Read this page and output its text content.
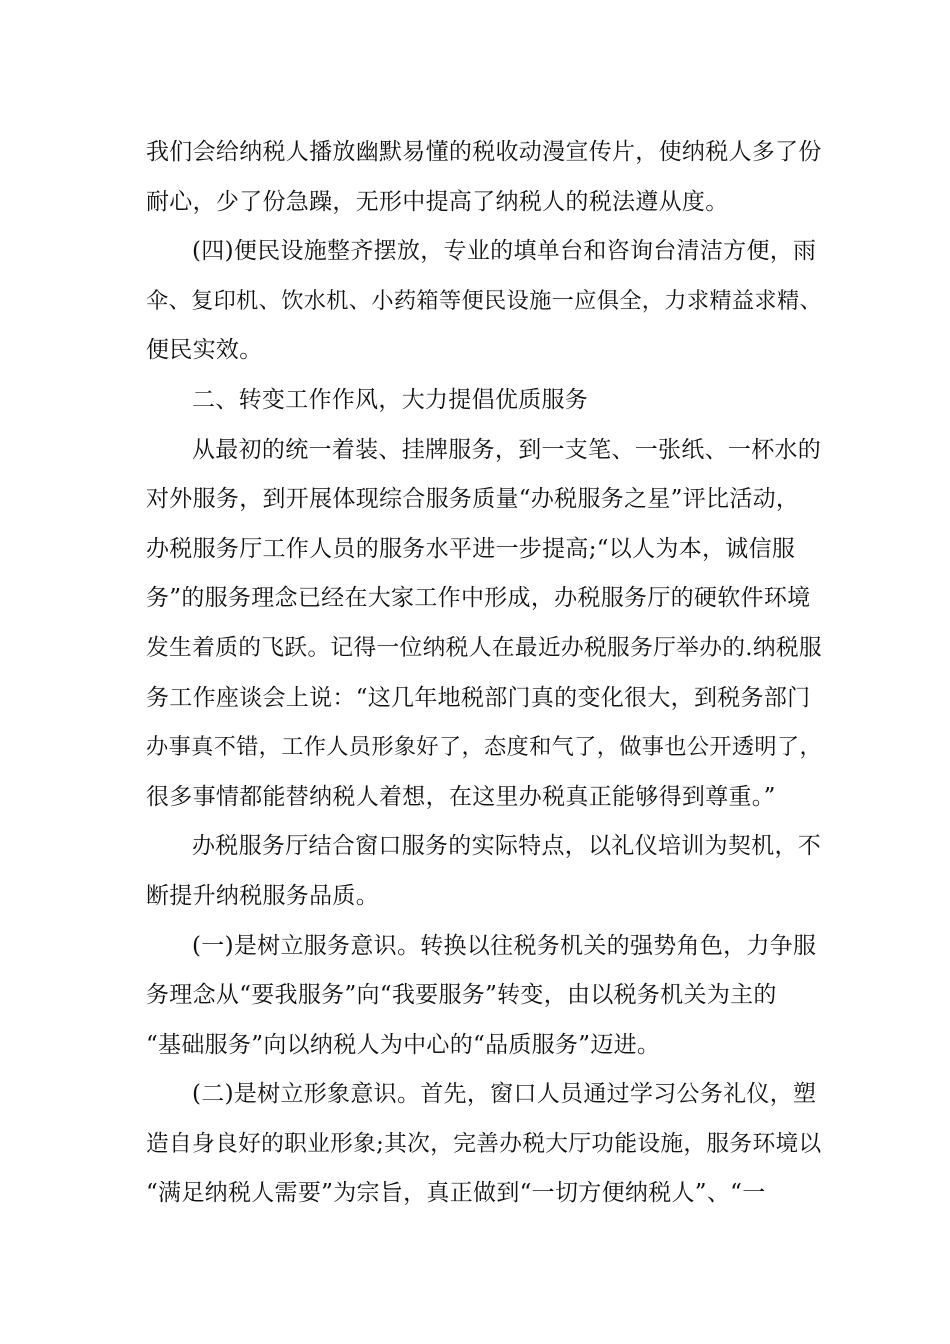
我们会给纳税人播放幽默易懂的税收动漫宣传片，使纳税人多了份
耐心，少了份急躁，无形中提高了纳税人的税法遵从度。
(四)便民设施整齐摆放，专业的填单台和咨询台清洁方便，雨
伞、复印机、饮水机、小药箱等便民设施一应俱全，力求精益求精、
便民实效。
二、转变工作作风，大力提倡优质服务
从最初的统一着装、挂牌服务，到一支笔、一张纸、一杯水的
对外服务，到开展体现综合服务质量“办税服务之星”评比活动，
办税服务厅工作人员的服务水平进一步提高;“以人为本，诚信服
务”的服务理念已经在大家工作中形成，办税服务厅的硬软件环境
发生着质的飞跃。记得一位纳税人在最近办税服务厅举办的.纳税服
务工作座谈会上说：“这几年地税部门真的变化很大，到税务部门
办事真不错，工作人员形象好了，态度和气了，做事也公开透明了，
很多事情都能替纳税人着想，在这里办税真正能够得到尊重。”
办税服务厅结合窗口服务的实际特点，以礼仪培训为契机，不
断提升纳税服务品质。
(一)是树立服务意识。转换以往税务机关的强势角色，力争服
务理念从“要我服务”向“我要服务”转变，由以税务机关为主的
“基础服务”向以纳税人为中心的“品质服务”迈进。
(二)是树立形象意识。首先，窗口人员通过学习公务礼仪，塑
造自身良好的职业形象;其次，完善办税大厅功能设施，服务环境以
“满足纳税人需要”为宗旨，真正做到“一切方便纳税人”、“一
